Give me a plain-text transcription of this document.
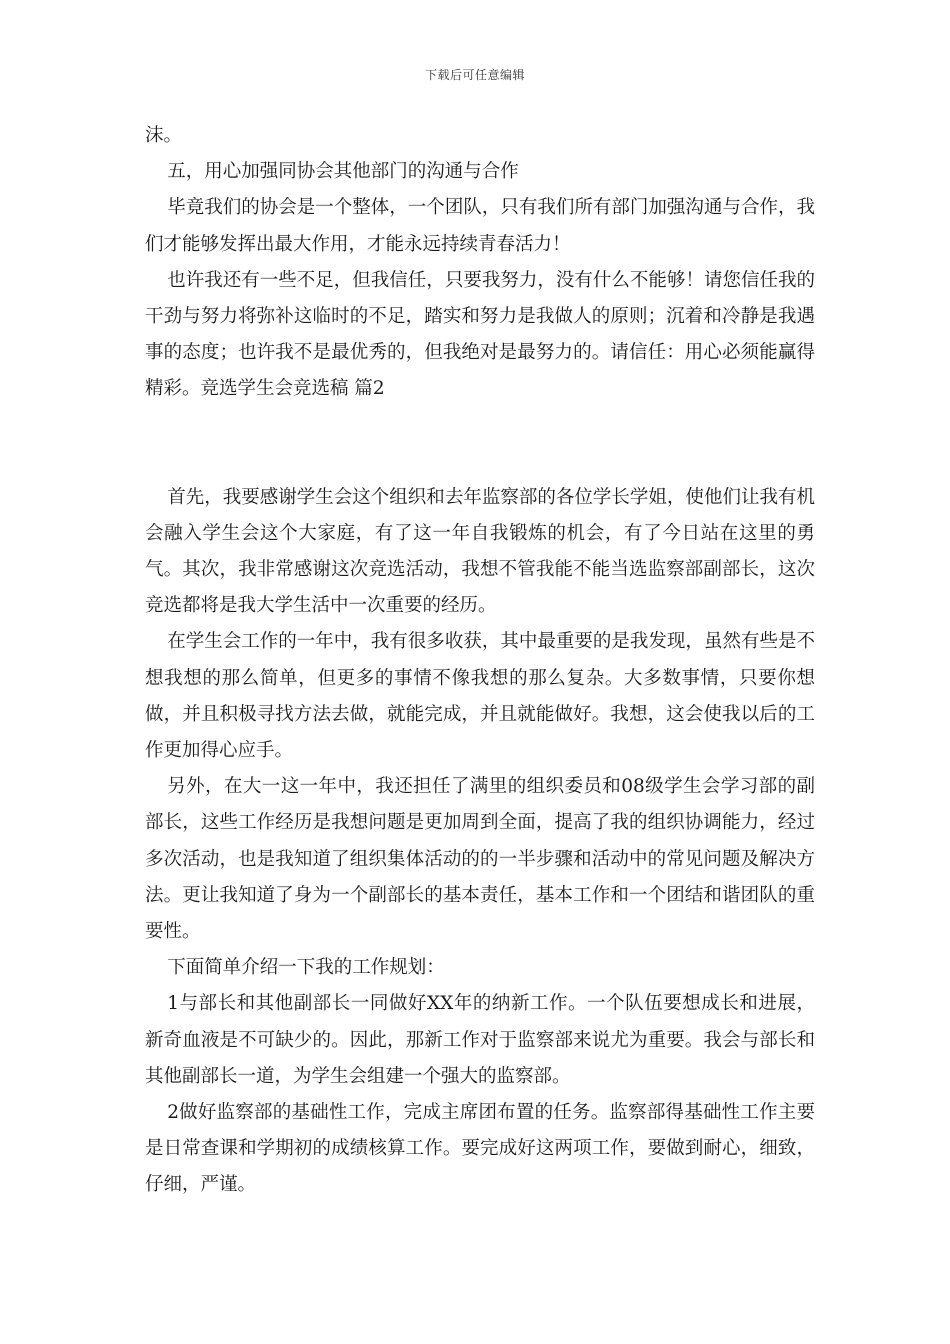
下载后可任意编辑

沫。

五，用心加强同协会其他部门的沟通与合作

毕竟我们的协会是一个整体，一个团队，只有我们所有部门加强沟通与合作，我们才能够发挥出最大作用，才能永远持续青春活力！

也许我还有一些不足，但我信任，只要我努力，没有什么不能够！请您信任我的干劲与努力将弥补这临时的不足，踏实和努力是我做人的原则；沉着和冷静是我遇事的态度；也许我不是最优秀的，但我绝对是最努力的。请信任：用心必须能赢得精彩。竞选学生会竞选稿 篇2

首先，我要感谢学生会这个组织和去年监察部的各位学长学姐，使他们让我有机会融入学生会这个大家庭，有了这一年自我锻炼的机会，有了今日站在这里的勇气。其次，我非常感谢这次竞选活动，我想不管我能不能当选监察部副部长，这次竞选都将是我大学生活中一次重要的经历。

在学生会工作的一年中，我有很多收获，其中最重要的是我发现，虽然有些是不想我想的那么简单，但更多的事情不像我想的那么复杂。大多数事情，只要你想做，并且积极寻找方法去做，就能完成，并且就能做好。我想，这会使我以后的工作更加得心应手。

另外，在大一这一年中，我还担任了满里的组织委员和08级学生会学习部的副部长，这些工作经历是我想问题是更加周到全面，提高了我的组织协调能力，经过多次活动，也是我知道了组织集体活动的的一半步骤和活动中的常见问题及解决方法。更让我知道了身为一个副部长的基本责任，基本工作和一个团结和谐团队的重要性。

下面简单介绍一下我的工作规划：

1与部长和其他副部长一同做好XX年的纳新工作。一个队伍要想成长和进展，新奇血液是不可缺少的。因此，那新工作对于监察部来说尤为重要。我会与部长和其他副部长一道，为学生会组建一个强大的监察部。

2做好监察部的基础性工作，完成主席团布置的任务。监察部得基础性工作主要是日常查课和学期初的成绩核算工作。要完成好这两项工作，要做到耐心，细致，仔细，严谨。
